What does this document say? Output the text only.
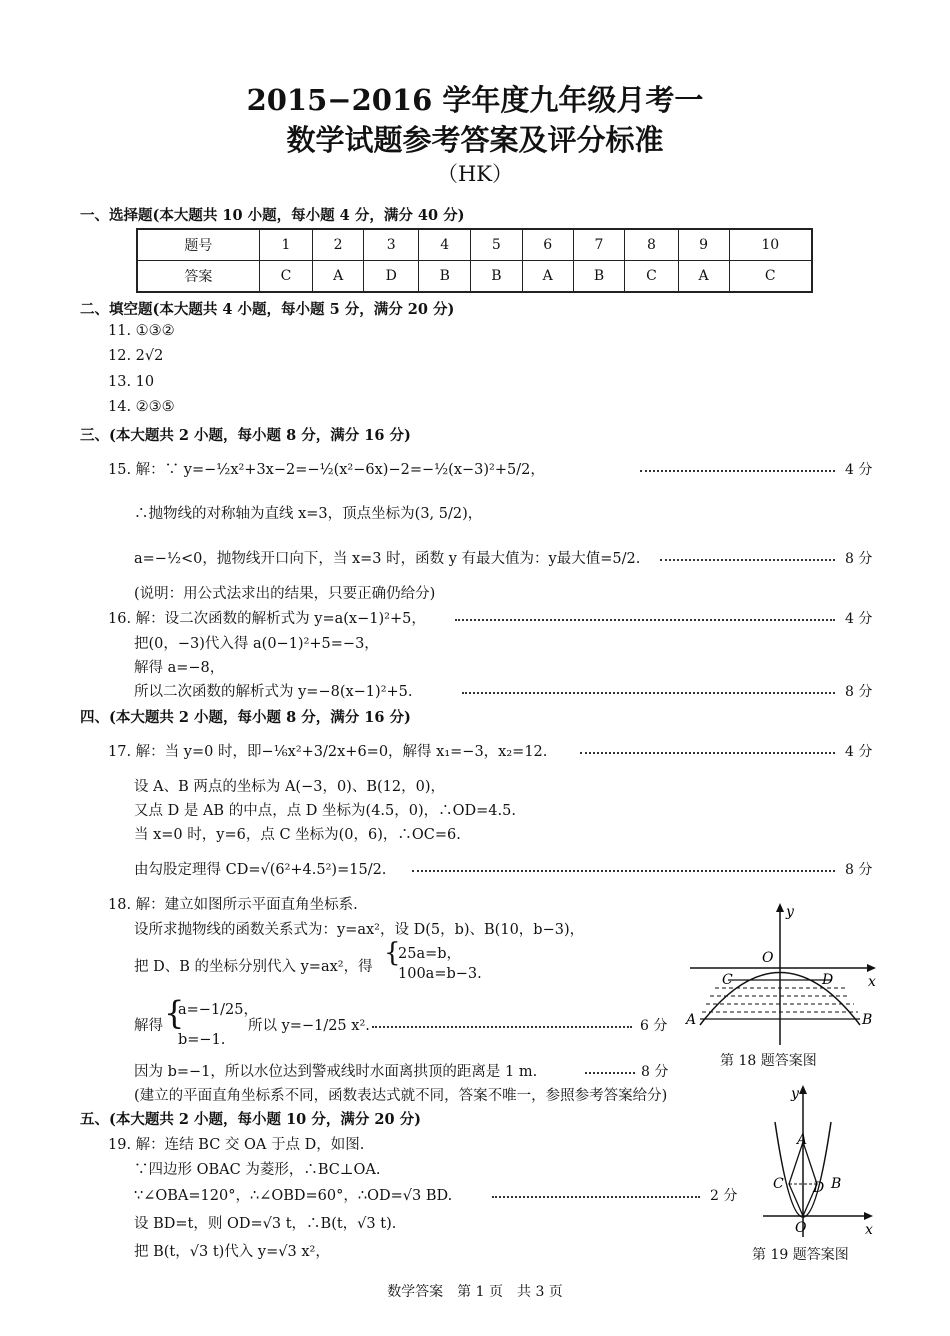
2015−2016 学年度九年级月考一
数学试题参考答案及评分标准
（HK）
一、选择题(本大题共 10 小题，每小题 4 分，满分 40 分)
题号	1	2	3	4	5	6	7	8	9	10
答案	C	A	D	B	B	A	B	C	A	C
二、填空题(本大题共 4 小题，每小题 5 分，满分 20 分)
11. ①③②
12. 2√2
13. 10
14. ②③⑤
三、(本大题共 2 小题，每小题 8 分，满分 16 分)
15. 解：∵ y=−½x²+3x−2=−½(x²−6x)−2=−½(x−3)²+5/2，	4 分
∴抛物线的对称轴为直线 x=3，顶点坐标为(3, 5/2)，
a=−½<0，抛物线开口向下，当 x=3 时，函数 y 有最大值为：y最大值=5/2.	8 分
(说明：用公式法求出的结果，只要正确仍给分)
16. 解：设二次函数的解析式为 y=a(x−1)²+5，	4 分
把(0，−3)代入得 a(0−1)²+5=−3，
解得 a=−8，
所以二次函数的解析式为 y=−8(x−1)²+5.	8 分
四、(本大题共 2 小题，每小题 8 分，满分 16 分)
17. 解：当 y=0 时，即−⅙x²+3/2x+6=0，解得 x₁=−3，x₂=12.	4 分
设 A、B 两点的坐标为 A(−3，0)、B(12，0)，
又点 D 是 AB 的中点，点 D 坐标为(4.5，0)，∴OD=4.5.
当 x=0 时，y=6，点 C 坐标为(0，6)，∴OC=6.
由勾股定理得 CD=√(6²+4.5²)=15/2.	8 分
18. 解：建立如图所示平面直角坐标系.
设所求抛物线的函数关系式为：y=ax²，设 D(5，b)、B(10，b−3)，
把 D、B 的坐标分别代入 y=ax²，得 {
25a=b，
100a=b−3.
解得 {
a=−1/25，
b=−1.
所以 y=−1/25 x².	6 分
因为 b=−1，所以水位达到警戒线时水面离拱顶的距离是 1 m.	8 分
(建立的平面直角坐标系不同，函数表达式就不同，答案不唯一，参照参考答案给分)
y
x
O
C	D
A	B
第 18 题答案图
五、(本大题共 2 小题，每小题 10 分，满分 20 分)
19. 解：连结 BC 交 OA 于点 D，如图.
∵四边形 OBAC 为菱形，∴BC⊥OA.
∵∠OBA=120°，∴∠OBD=60°，∴OD=√3 BD.	2 分
设 BD=t，则 OD=√3 t，∴B(t，√3 t).
把 B(t，√3 t)代入 y=√3 x²，
y
x
O
A
C D B
第 19 题答案图
数学答案　第 1 页　共 3 页
